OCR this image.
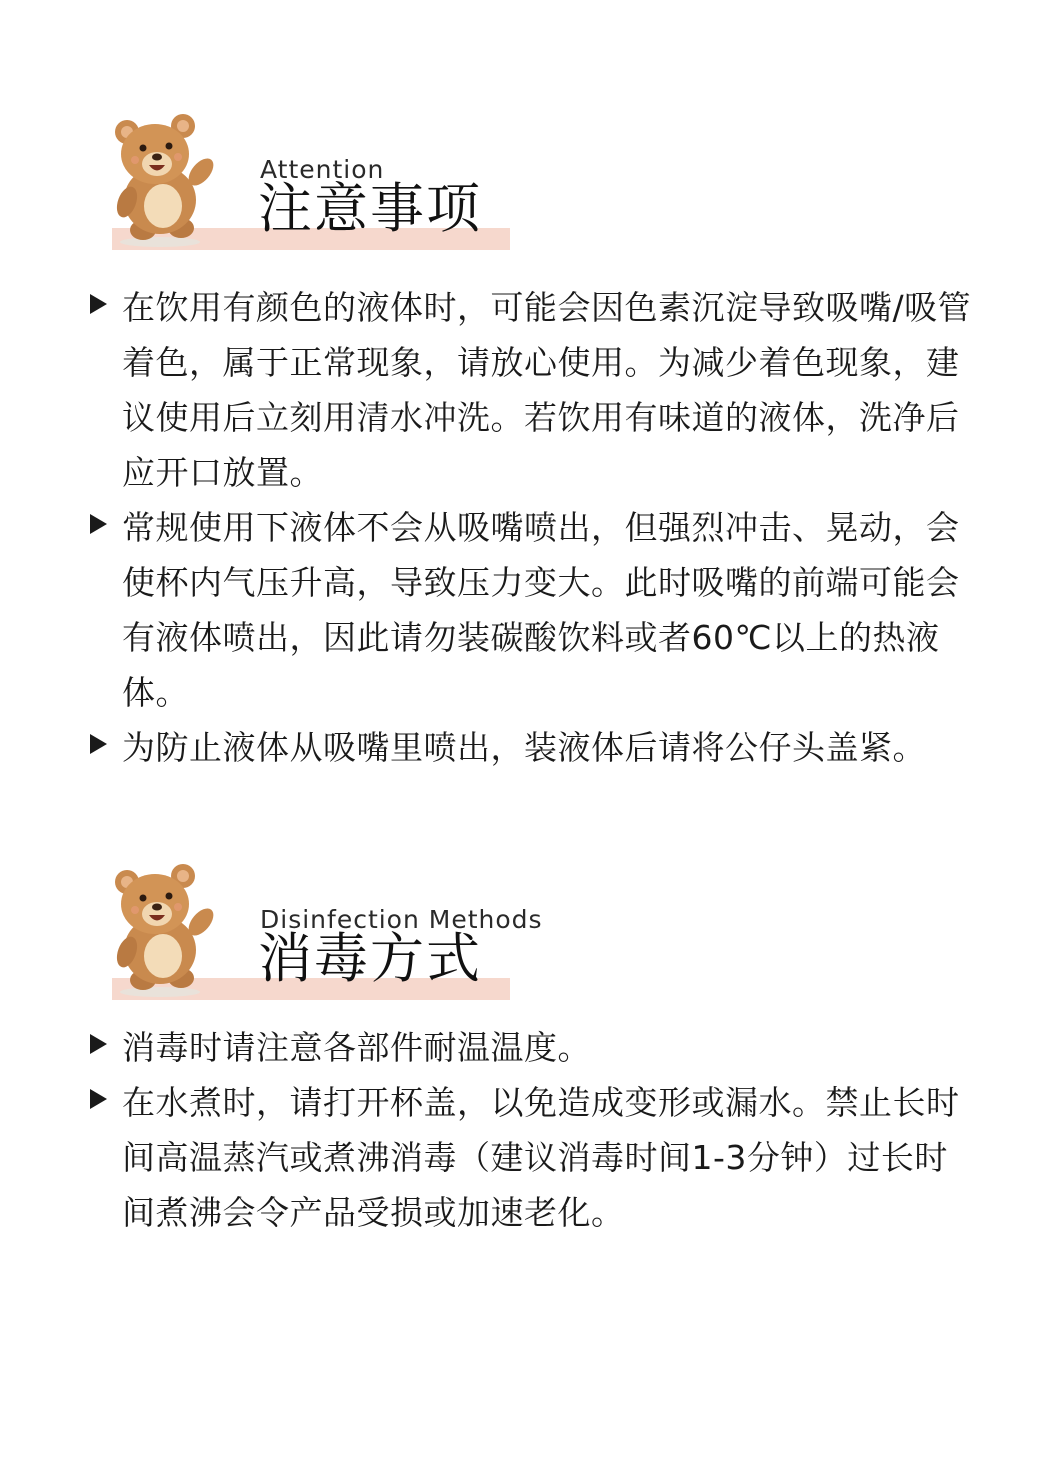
Attention
注意事项

在饮用有颜色的液体时，可能会因色素沉淀导致吸嘴/吸管着色，属于正常现象，请放心使用。为减少着色现象，建议使用后立刻用清水冲洗。若饮用有味道的液体，洗净后应开口放置。

常规使用下液体不会从吸嘴喷出，但强烈冲击、晃动，会使杯内气压升高，导致压力变大。此时吸嘴的前端可能会有液体喷出，因此请勿装碳酸饮料或者60℃以上的热液体。

为防止液体从吸嘴里喷出，装液体后请将公仔头盖紧。

Disinfection Methods
消毒方式

消毒时请注意各部件耐温温度。

在水煮时，请打开杯盖，以免造成变形或漏水。禁止长时间高温蒸汽或煮沸消毒（建议消毒时间1-3分钟）过长时间煮沸会令产品受损或加速老化。
